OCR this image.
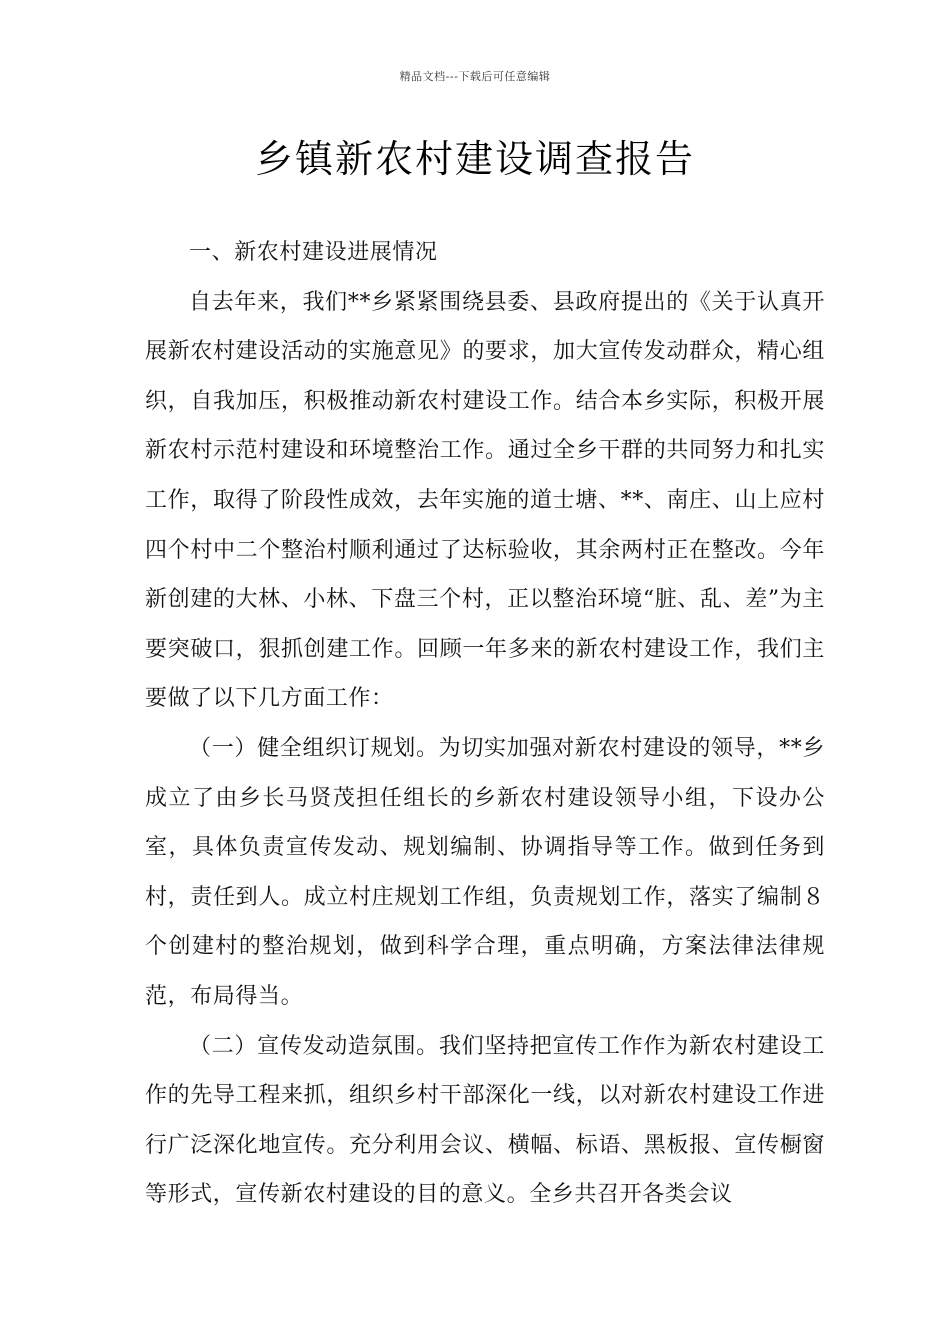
精品文档---下载后可任意编辑
乡镇新农村建设调查报告

一、新农村建设进展情况

自去年来，我们**乡紧紧围绕县委、县政府提出的《关于认真开展新农村建设活动的实施意见》的要求，加大宣传发动群众，精心组织，自我加压，积极推动新农村建设工作。结合本乡实际，积极开展新农村示范村建设和环境整治工作。通过全乡干群的共同努力和扎实工作，取得了阶段性成效，去年实施的道士塘、**、南庄、山上应村四个村中二个整治村顺利通过了达标验收，其余两村正在整改。今年新创建的大林、小林、下盘三个村，正以整治环境“脏、乱、差”为主要突破口，狠抓创建工作。回顾一年多来的新农村建设工作，我们主要做了以下几方面工作：

（一）健全组织订规划。为切实加强对新农村建设的领导，**乡成立了由乡长马贤茂担任组长的乡新农村建设领导小组，下设办公室，具体负责宣传发动、规划编制、协调指导等工作。做到任务到村，责任到人。成立村庄规划工作组，负责规划工作，落实了编制８个创建村的整治规划，做到科学合理，重点明确，方案法律法律规范，布局得当。

（二）宣传发动造氛围。我们坚持把宣传工作作为新农村建设工作的先导工程来抓，组织乡村干部深化一线，以对新农村建设工作进行广泛深化地宣传。充分利用会议、横幅、标语、黑板报、宣传橱窗等形式，宣传新农村建设的目的意义。全乡共召开各类会议
